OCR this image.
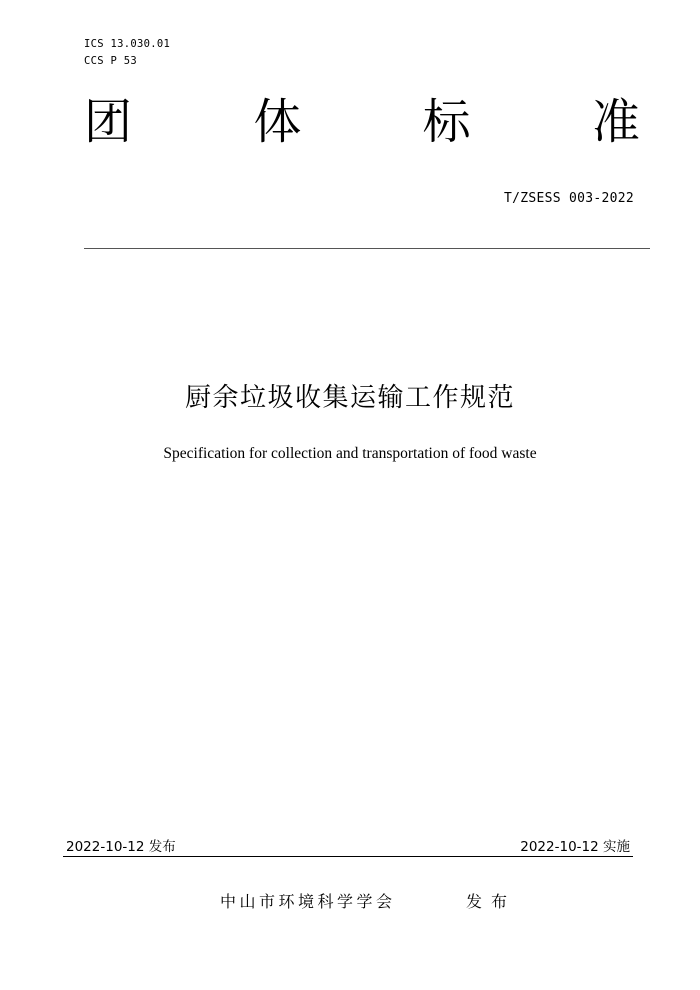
ICS 13.030.01
CCS P 53
团	体	标	准
T/ZSESS 003-2022
厨余垃圾收集运输工作规范
Specification for collection and transportation of food waste
2022-10-12 发布	2022-10-12 实施
中山市环境科学学会	发布
